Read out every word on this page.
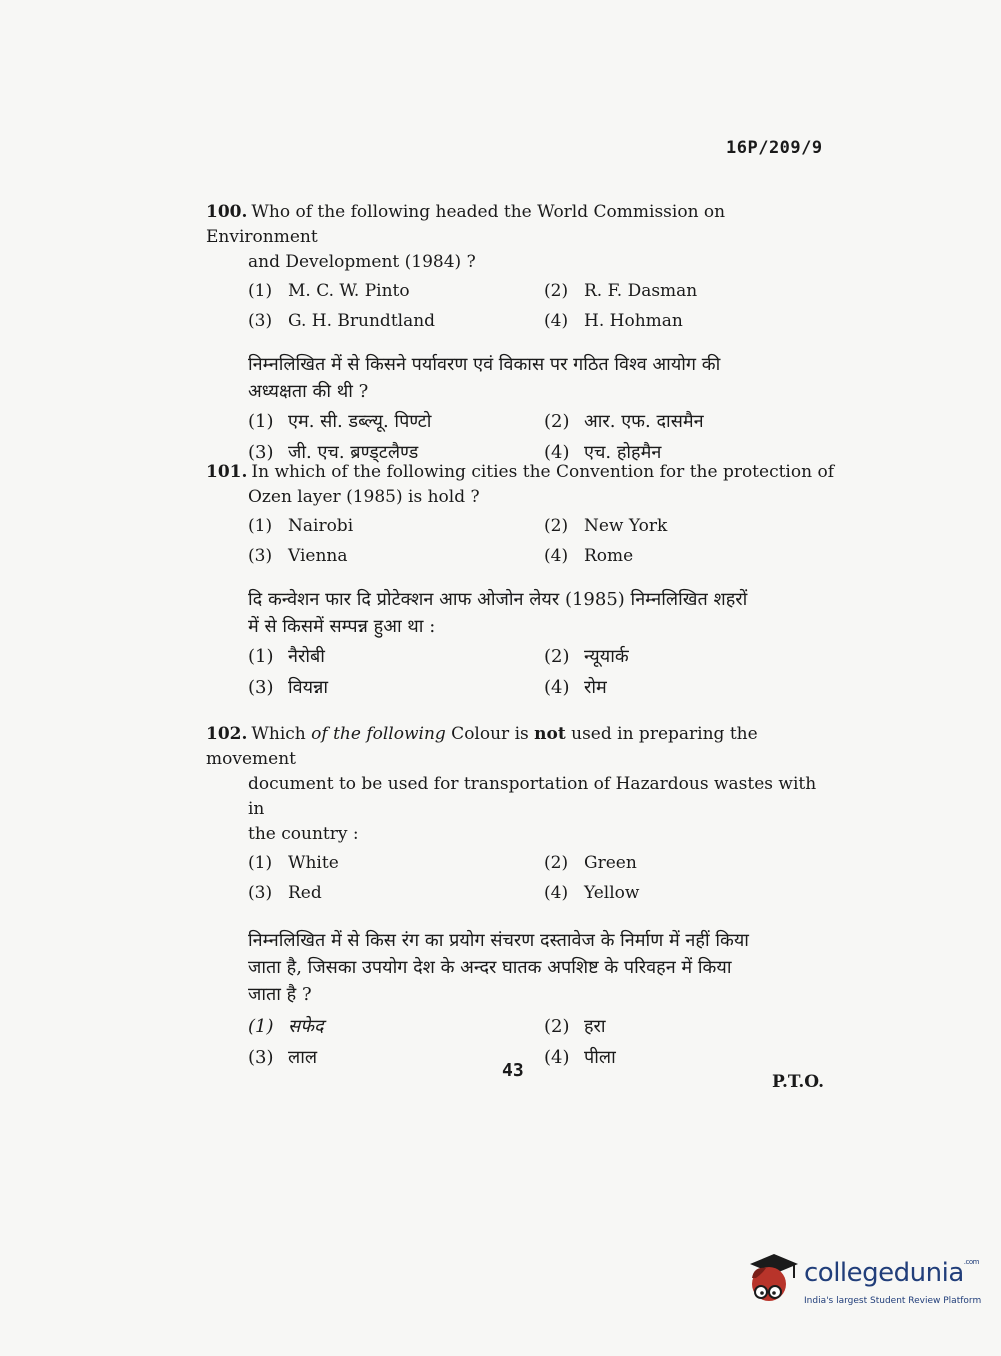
16P/209/9
100. Who of the following headed the World Commission on Environment
and Development (1984) ?
(1) M. C. W. Pinto	(2) R. F. Dasman
(3) G. H. Brundtland	(4) H. Hohman
निम्नलिखित में से किसने पर्यावरण एवं विकास पर गठित विश्व आयोग की
अध्यक्षता की थी ?
(1) एम. सी. डब्ल्यू. पिण्टो	(2) आर. एफ. दासमैन
(3) जी. एच. ब्रण्ड्टलैण्ड	(4) एच. होहमैन
101. In which of the following cities the Convention for the protection of
Ozen layer (1985) is hold ?
(1) Nairobi	(2) New York
(3) Vienna	(4) Rome
दि कन्वेशन फार दि प्रोटेक्शन आफ ओजोन लेयर (1985) निम्नलिखित शहरों
में से किसमें सम्पन्न हुआ था :
(1) नैरोबी	(2) न्यूयार्क
(3) वियन्ना	(4) रोम
102. Which of the following Colour is not used in preparing the movement
document to be used for transportation of Hazardous wastes with in
the country :
(1) White	(2) Green
(3) Red	(4) Yellow
निम्नलिखित में से किस रंग का प्रयोग संचरण दस्तावेज के निर्माण में नहीं किया
जाता है, जिसका उपयोग देश के अन्दर घातक अपशिष्ट के परिवहन में किया
जाता है ?
(1) सफेद	(2) हरा
(3) लाल	(4) पीला
43
P.T.O.
collegedunia$^{.com}$
India's largest Student Review Platform
